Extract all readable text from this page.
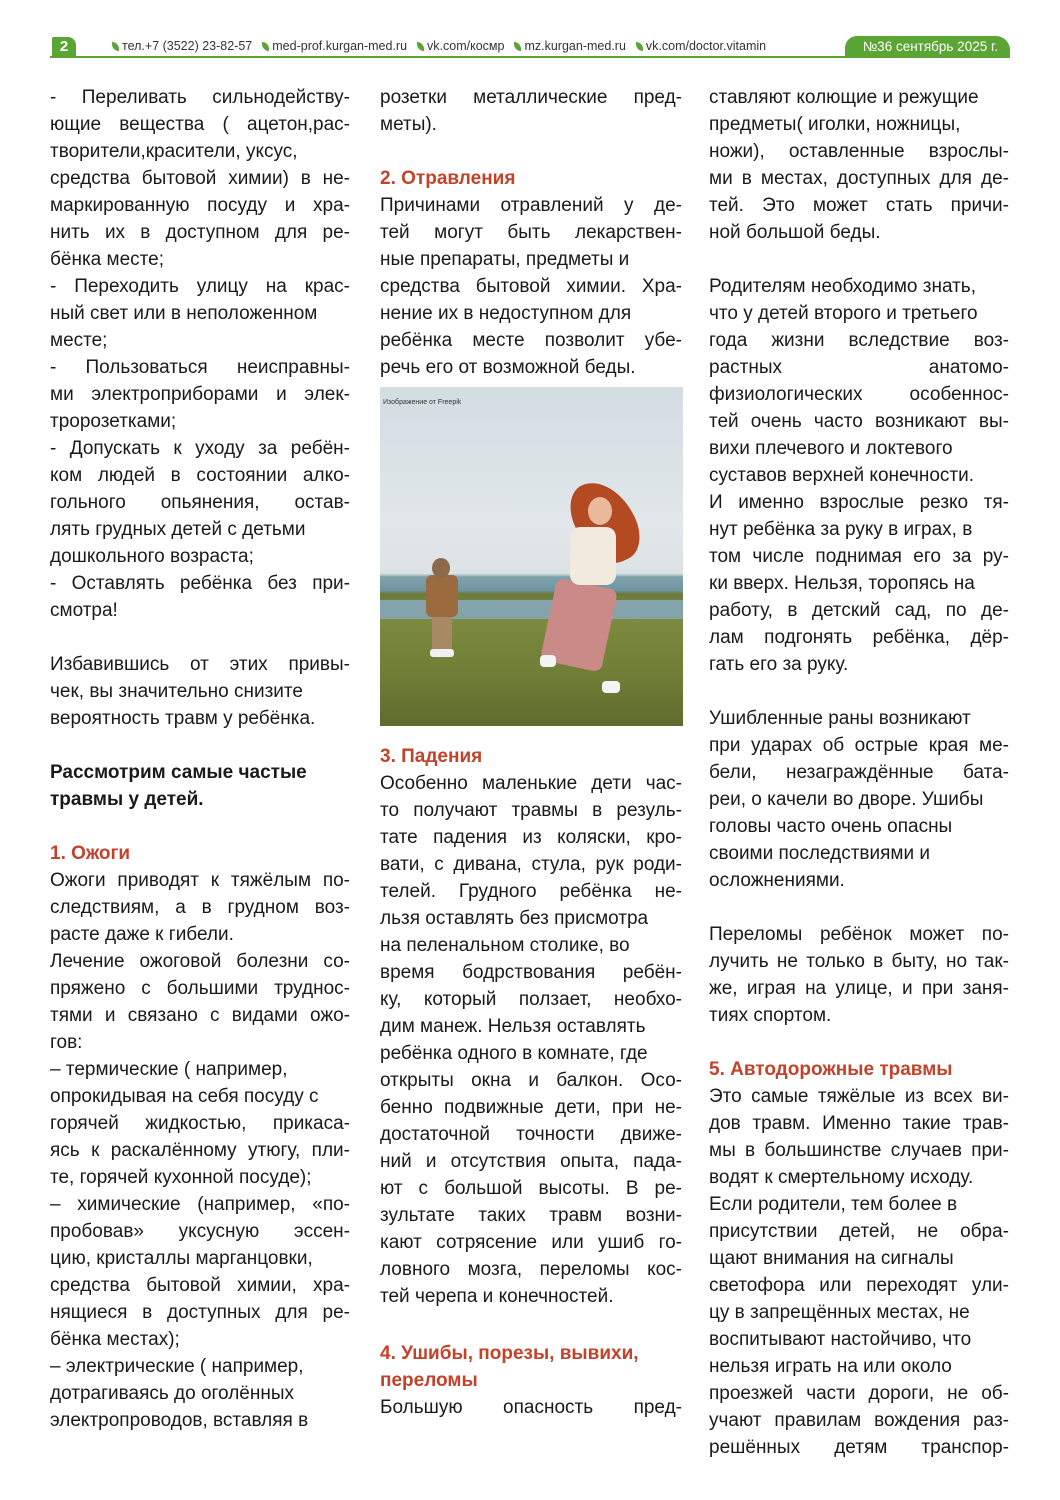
2	тел.+7 (3522) 23-82-57 med-prof.kurgan-med.ru vk.com/космр mz.kurgan-med.ru vk.com/doctor.vitamin	№36 сентябрь 2025 г.

- Переливать сильнодейству-

ющие вещества ( ацетон,рас-

творители,красители, уксус,

средства бытовой химии) в не-

маркированную посуду и хра-

нить их в доступном для ре-

бёнка месте;

- Переходить улицу на крас-

ный свет или в неположенном

месте;

- Пользоваться неисправны-

ми электроприборами и элек-

тророзетками;

- Допускать к уходу за ребён-

ком людей в состоянии алко-

гольного опьянения, остав-

лять грудных детей с детьми

дошкольного возраста;

- Оставлять ребёнка без при-

смотра!

Избавившись от этих привы-

чек, вы значительно снизите

вероятность травм у ребёнка.

Рассмотрим самые частые

травмы у детей.

1. Ожоги

Ожоги приводят к тяжёлым по-

следствиям, а в грудном воз-

расте даже к гибели.

Лечение ожоговой болезни со-

пряжено с большими труднос-

тями и связано с видами ожо-

гов:

– термические ( например,

опрокидывая на себя посуду с

горячей жидкостью, прикаса-

ясь к раскалённому утюгу, пли-

те, горячей кухонной посуде);

– химические (например, «по-

пробовав» уксусную эссен-

цию, кристаллы марганцовки,

средства бытовой химии, хра-

нящиеся в доступных для ре-

бёнка местах);

– электрические ( например,

дотрагиваясь до оголённых

электропроводов, вставляя в

розетки металлические пред-

меты).

2. Отравления

Причинами отравлений у де-

тей могут быть лекарствен-

ные препараты, предметы и

средства бытовой химии. Хра-

нение их в недоступном для

ребёнка месте позволит убе-

речь его от возможной беды.

Изображение от Freepik

3. Падения

Особенно маленькие дети час-

то получают травмы в резуль-

тате падения из коляски, кро-

вати, с дивана, стула, рук роди-

телей. Грудного ребёнка не-

льзя оставлять без присмотра

на пеленальном столике, во

время бодрствования ребён-

ку, который ползает, необхо-

дим манеж. Нельзя оставлять

ребёнка одного в комнате, где

открыты окна и балкон. Осо-

бенно подвижные дети, при не-

достаточной точности движе-

ний и отсутствия опыта, пада-

ют с большой высоты. В ре-

зультате таких травм возни-

кают сотрясение или ушиб го-

ловного мозга, переломы кос-

тей черепа и конечностей.

4. Ушибы, порезы, вывихи,

переломы

Большую опасность пред-

ставляют колющие и режущие

предметы( иголки, ножницы,

ножи), оставленные взрослы-

ми в местах, доступных для де-

тей. Это может стать причи-

ной большой беды.

Родителям необходимо знать,

что у детей второго и третьего

года жизни вследствие воз-

растных анатомо-

физиологических особеннос-

тей очень часто возникают вы-

вихи плечевого и локтевого

суставов верхней конечности.

И именно взрослые резко тя-

нут ребёнка за руку в играх, в

том числе поднимая его за ру-

ки вверх. Нельзя, торопясь на

работу, в детский сад, по де-

лам подгонять ребёнка, дёр-

гать его за руку.

Ушибленные раны возникают

при ударах об острые края ме-

бели, незаграждённые бата-

реи, о качели во дворе. Ушибы

головы часто очень опасны

своими последствиями и

осложнениями.

Переломы ребёнок может по-

лучить не только в быту, но так-

же, играя на улице, и при заня-

тиях спортом.

5. Автодорожные травмы

Это самые тяжёлые из всех ви-

дов травм. Именно такие трав-

мы в большинстве случаев при-

водят к смертельному исходу.

Если родители, тем более в

присутствии детей, не обра-

щают внимания на сигналы

светофора или переходят ули-

цу в запрещённых местах, не

воспитывают настойчиво, что

нельзя играть на или около

проезжей части дороги, не об-

учают правилам вождения раз-

решённых детям транспор-
